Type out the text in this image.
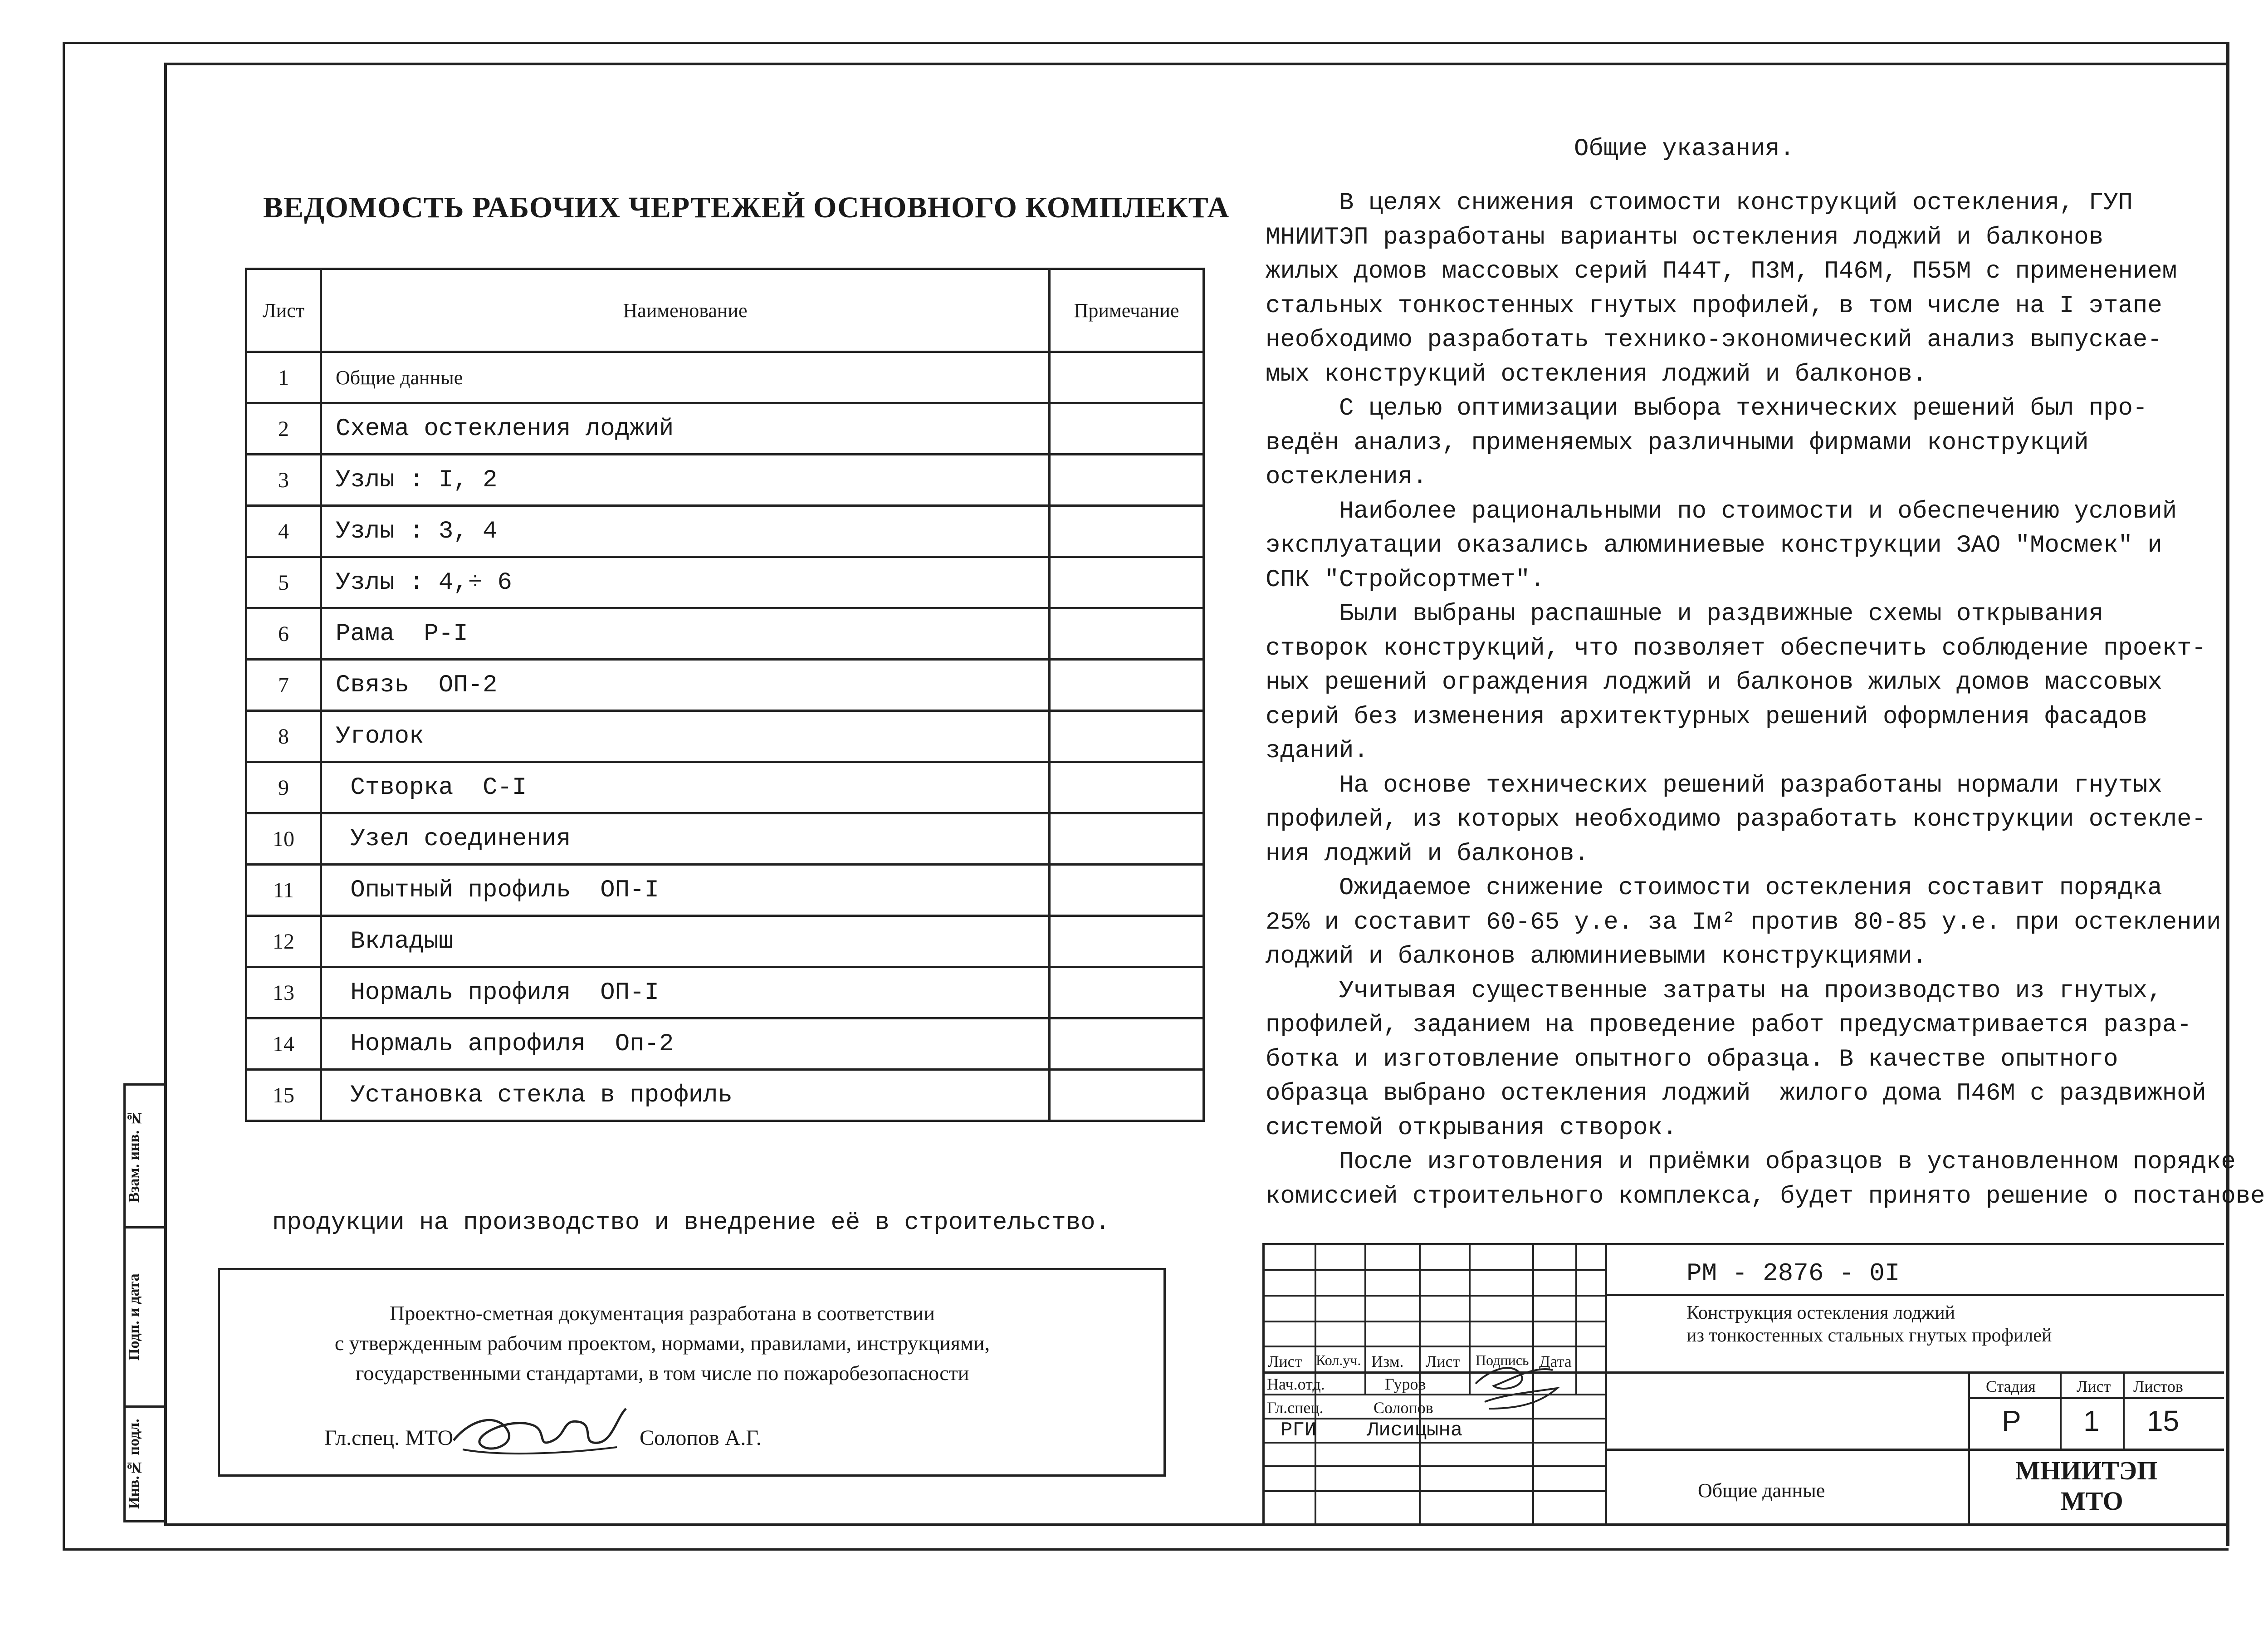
Взам. инв. №
Подп. и дата
Инв.№ подл.
ВЕДОМОСТЬ РАБОЧИХ ЧЕРТЕЖЕЙ ОСНОВНОГО КОМПЛЕКТА
Лист	Наименование	Примечание
1	Общие данные	
2	Схема остекления лоджий	
3	Узлы : I, 2	
4	Узлы : 3, 4	
5	Узлы : 4,÷ 6	
6	Рама  Р-I	
7	Связь  ОП-2	
8	Уголок	
9	Створка  С-I	
10	Узел соединения	
11	Опытный профиль  ОП-I	
12	Вкладыш	
13	Нормаль профиля  ОП-I	
14	Нормаль апрофиля  Оп-2	
15	Установка стекла в профиль	
продукции на производство и внедрение её в строительство.
Проектно-сметная документация разработана в соответствии
с утвержденным рабочим проектом, нормами, правилами, инструкциями,
государственными стандартами, в том числе по пожаробезопасности
Гл.спец. МТО	Солопов А.Г.
Общие указания.
В целях снижения стоимости конструкций остекления, ГУП
МНИИТЭП разработаны варианты остекления лоджий и балконов
жилых домов массовых серий П44Т, П3М, П46М, П55М с применением
стальных тонкостенных гнутых профилей, в том числе на I этапе
необходимо разработать технико-экономический анализ выпускае-
мых конструкций остекления лоджий и балконов.
С целью оптимизации выбора технических решений был про-
ведён анализ, применяемых различными фирмами конструкций
остекления.
Наиболее рациональными по стоимости и обеспечению условий
эксплуатации оказались алюминиевые конструкции ЗАО "Мосмек" и
СПК "Стройсортмет".
Были выбраны распашные и раздвижные схемы открывания
створок конструкций, что позволяет обеспечить соблюдение проект-
ных решений ограждения лоджий и балконов жилых домов массовых
серий без изменения архитектурных решений оформления фасадов
зданий.
На основе технических решений разработаны нормали гнутых
профилей, из которых необходимо разработать конструкции остекле-
ния лоджий и балконов.
Ожидаемое снижение стоимости остекления составит порядка
25% и составит 60-65 у.е. за Iм² против 80-85 у.е. при остеклении
лоджий и балконов алюминиевыми конструкциями.
Учитывая существенные затраты на производство из гнутых,
профилей, заданием на проведение работ предусматривается разра-
ботка и изготовление опытного образца. В качестве опытного
образца выбрано остекления лоджий  жилого дома П46М с раздвижной
системой открывания створок.
После изготовления и приёмки образцов в установленном порядке
комиссией строительного комплекса, будет принято решение о постанове
РМ - 2876 - 0I
Конструкция остекления лоджий
из тонкостенных стальных гнутых профилей
Лист Кол.уч. Изм. Лист Подпись Дата
Нач.отд.	Гуров
Гл.спец.	Солопов
РГИ	Лисицына
Стадия	Лист Листов
Р 1 15
Общие данные
МНИИТЭП
МТО
